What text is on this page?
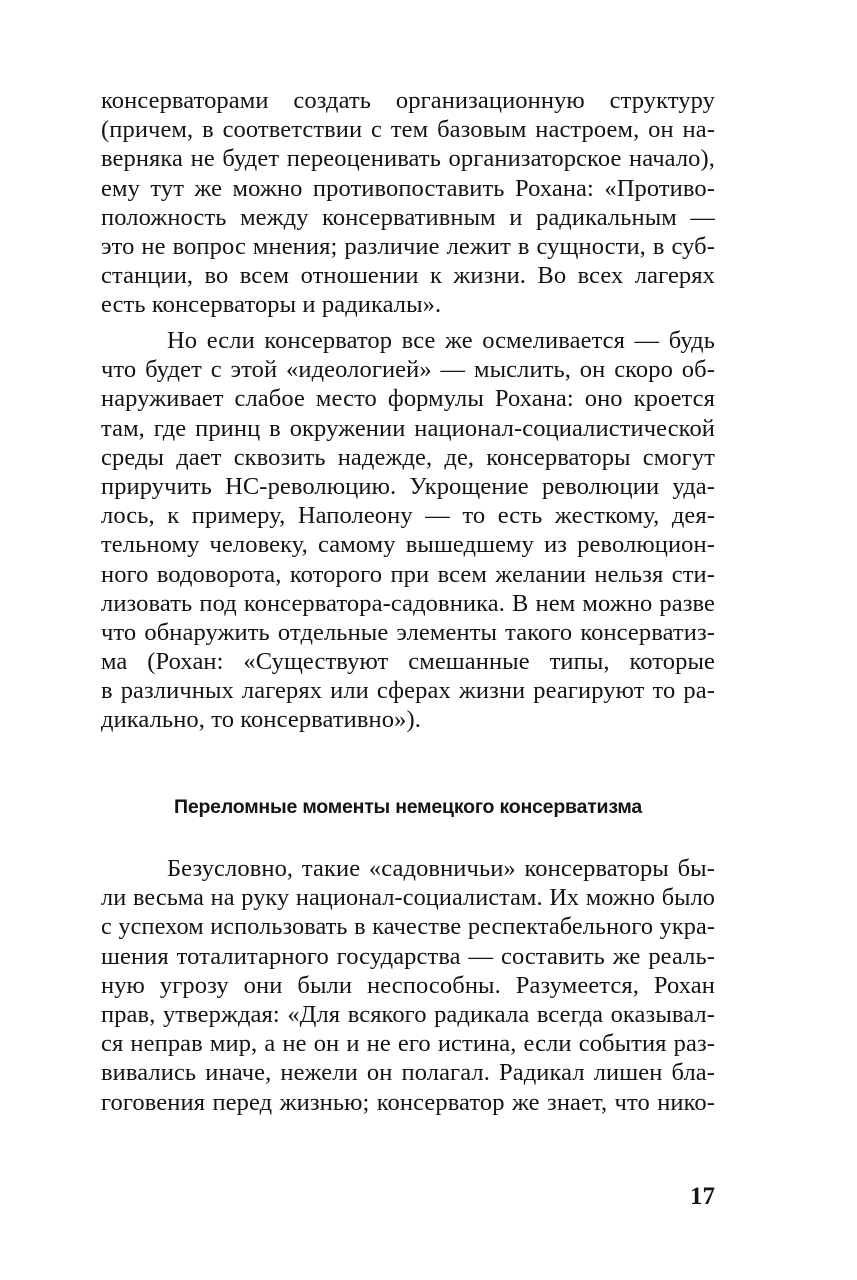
консерваторами создать организационную структуру
(причем, в соответствии с тем базовым настроем, он на-
верняка не будет переоценивать организаторское начало),
ему тут же можно противопоставить Рохана: «Противо-
положность между консервативным и радикальным —
это не вопрос мнения; различие лежит в сущности, в суб-
станции, во всем отношении к жизни. Во всех лагерях
есть консерваторы и радикалы».
Но если консерватор все же осмеливается — будь
что будет с этой «идеологией» — мыслить, он скоро об-
наруживает слабое место формулы Рохана: оно кроется
там, где принц в окружении национал-социалистической
среды дает сквозить надежде, де, консерваторы смогут
приручить НС-революцию. Укрощение революции уда-
лось, к примеру, Наполеону — то есть жесткому, дея-
тельному человеку, самому вышедшему из революцион-
ного водоворота, которого при всем желании нельзя сти-
лизовать под консерватора-садовника. В нем можно разве
что обнаружить отдельные элементы такого консерватиз-
ма (Рохан: «Существуют смешанные типы, которые
в различных лагерях или сферах жизни реагируют то ра-
дикально, то консервативно»).
Переломные моменты немецкого консерватизма
Безусловно, такие «садовничьи» консерваторы бы-
ли весьма на руку национал-социалистам. Их можно было
с успехом использовать в качестве респектабельного укра-
шения тоталитарного государства — составить же реаль-
ную угрозу они были неспособны. Разумеется, Рохан
прав, утверждая: «Для всякого радикала всегда оказывал-
ся неправ мир, а не он и не его истина, если события раз-
вивались иначе, нежели он полагал. Радикал лишен бла-
гоговения перед жизнью; консерватор же знает, что нико-
17
